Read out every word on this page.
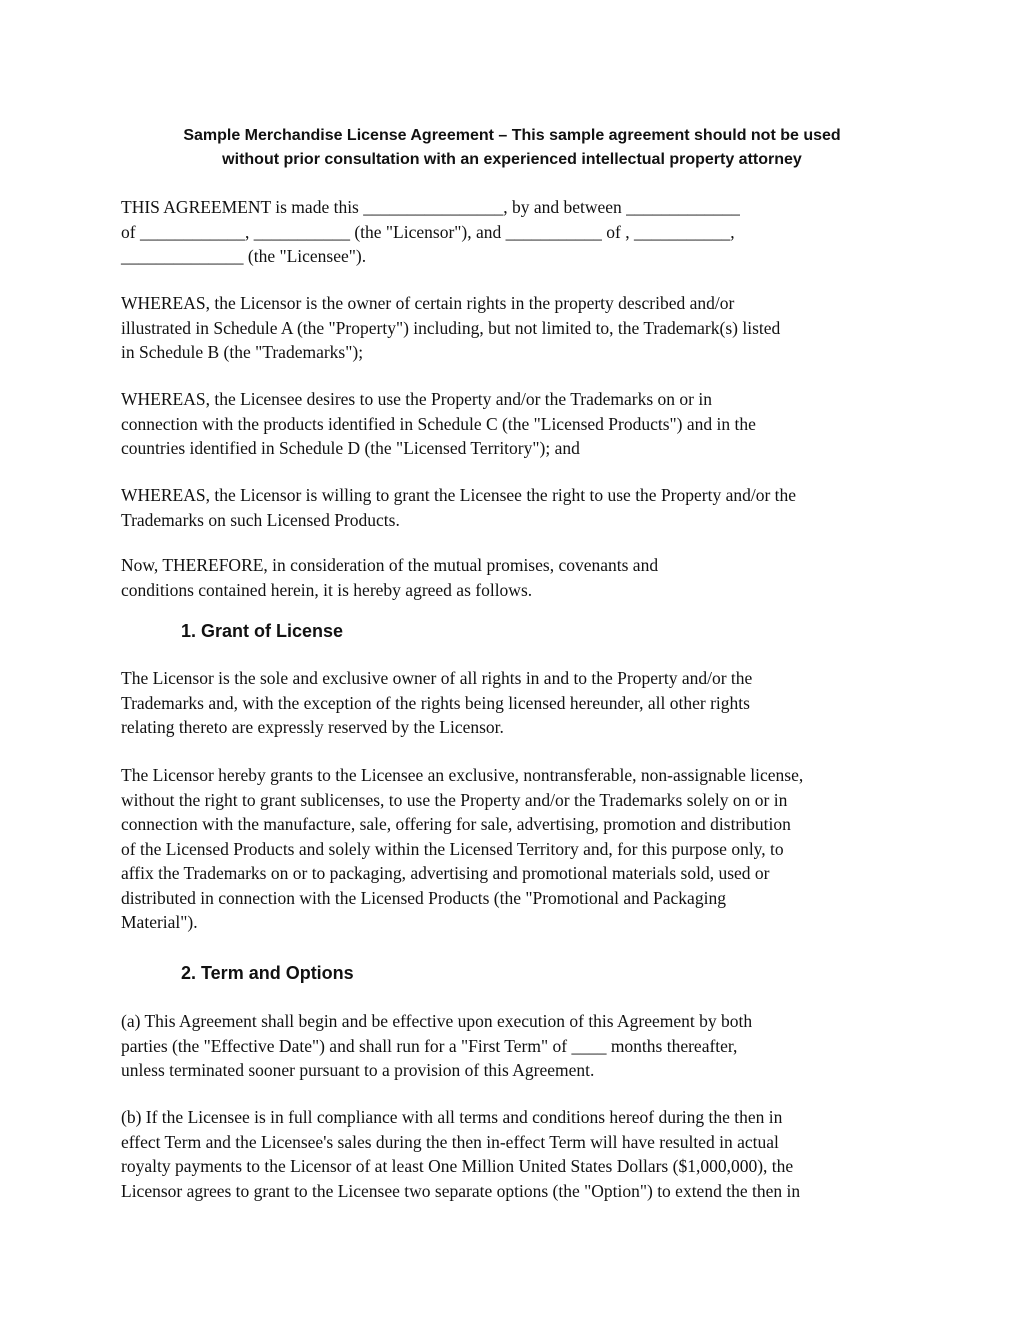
Sample Merchandise License Agreement – This sample agreement should not be used
without prior consultation with an experienced intellectual property attorney
THIS AGREEMENT is made this ________________, by and between _____________
of ____________, ___________ (the "Licensor"), and ___________ of , ___________,
______________ (the "Licensee").
WHEREAS, the Licensor is the owner of certain rights in the property described and/or
illustrated in Schedule A (the "Property") including, but not limited to, the Trademark(s) listed
in Schedule B (the "Trademarks");
WHEREAS, the Licensee desires to use the Property and/or the Trademarks on or in
connection with the products identified in Schedule C (the "Licensed Products") and in the
countries identified in Schedule D (the "Licensed Territory"); and
WHEREAS, the Licensor is willing to grant the Licensee the right to use the Property and/or the
Trademarks on such Licensed Products.
Now, THEREFORE, in consideration of the mutual promises, covenants and
conditions contained herein, it is hereby agreed as follows.
1. Grant of License
The Licensor is the sole and exclusive owner of all rights in and to the Property and/or the
Trademarks and, with the exception of the rights being licensed hereunder, all other rights
relating thereto are expressly reserved by the Licensor.
The Licensor hereby grants to the Licensee an exclusive, nontransferable, non-assignable license,
without the right to grant sublicenses, to use the Property and/or the Trademarks solely on or in
connection with the manufacture, sale, offering for sale, advertising, promotion and distribution
of the Licensed Products and solely within the Licensed Territory and, for this purpose only, to
affix the Trademarks on or to packaging, advertising and promotional materials sold, used or
distributed in connection with the Licensed Products (the "Promotional and Packaging
Material").
2. Term and Options
(a) This Agreement shall begin and be effective upon execution of this Agreement by both
parties (the "Effective Date") and shall run for a "First Term" of ____ months thereafter,
unless terminated sooner pursuant to a provision of this Agreement.
(b) If the Licensee is in full compliance with all terms and conditions hereof during the then in
effect Term and the Licensee's sales during the then in-effect Term will have resulted in actual
royalty payments to the Licensor of at least One Million United States Dollars ($1,000,000), the
Licensor agrees to grant to the Licensee two separate options (the "Option") to extend the then in
